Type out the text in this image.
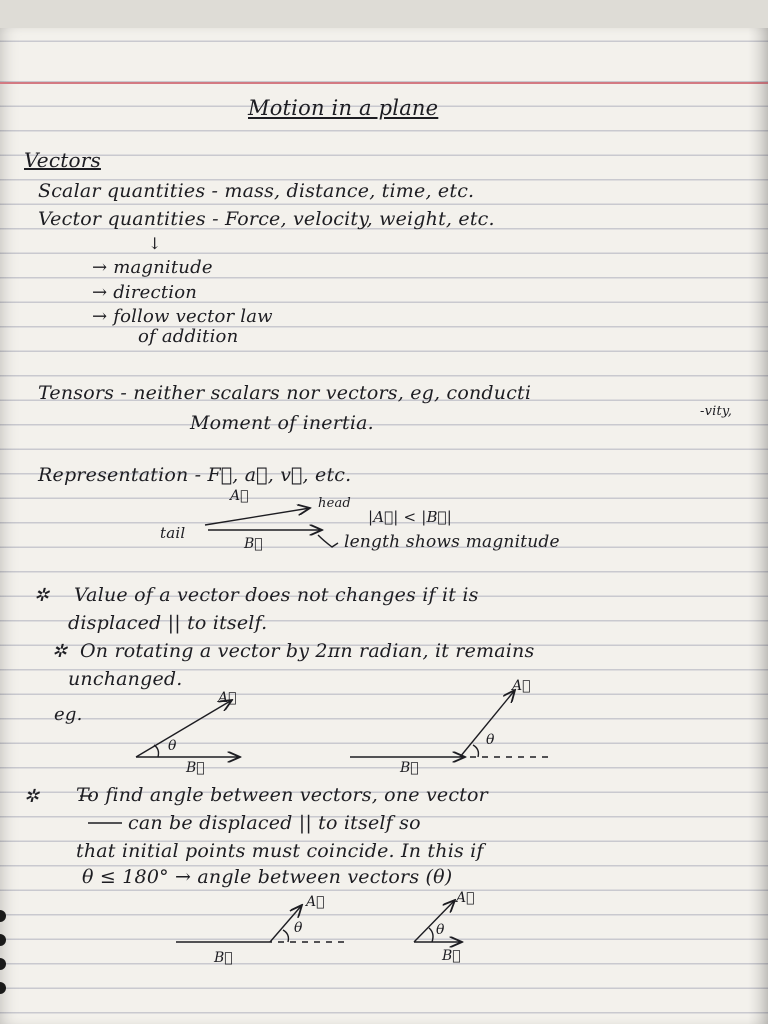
Motion in a plane
Vectors
Scalar quantities - mass, distance, time, etc.
Vector quantities - Force, velocity, weight, etc.
↓
→ magnitude
→ direction
→ follow vector law
of addition
Tensors - neither scalars nor vectors, eg, conducti
-vity,
Moment of inertia.
Representation - F⃗, a⃗, v⃗, etc.
head
tail
A⃗
B⃗
|A⃗| < |B⃗|
length shows magnitude
✲ Value of a vector does not changes if it is
displaced || to itself.
✲ On rotating a vector by 2πn radian, it remains
unchanged.
eg.
A⃗
B⃗
θ
A⃗
B⃗
θ
✲ To find angle between vectors, one vector
can be displaced || to itself so
that initial points must coincide. In this if
θ ≤ 180° → angle between vectors (θ)
A⃗
B⃗
θ
A⃗
B⃗
θ
